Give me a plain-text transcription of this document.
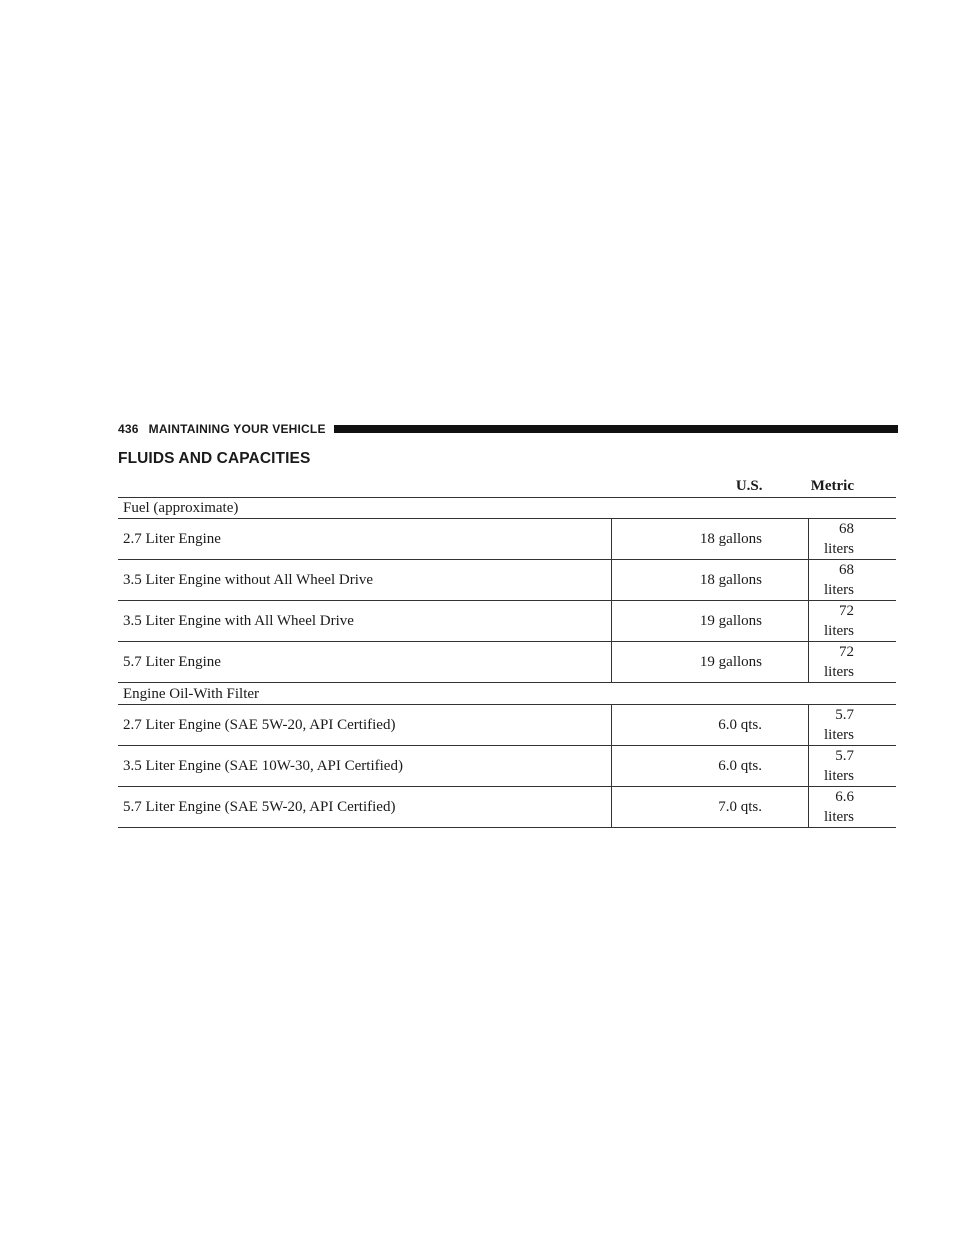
436 MAINTAINING YOUR VEHICLE
FLUIDS AND CAPACITIES
	U.S.	Metric
Fuel (approximate)		
2.7 Liter Engine	18 gallons	68 liters
3.5 Liter Engine without All Wheel Drive	18 gallons	68 liters
3.5 Liter Engine with All Wheel Drive	19 gallons	72 liters
5.7 Liter Engine	19 gallons	72 liters
Engine Oil-With Filter		
2.7 Liter Engine (SAE 5W-20, API Certified)	6.0 qts.	5.7 liters
3.5 Liter Engine (SAE 10W-30, API Certified)	6.0 qts.	5.7 liters
5.7 Liter Engine (SAE 5W-20, API Certified)	7.0 qts.	6.6 liters
